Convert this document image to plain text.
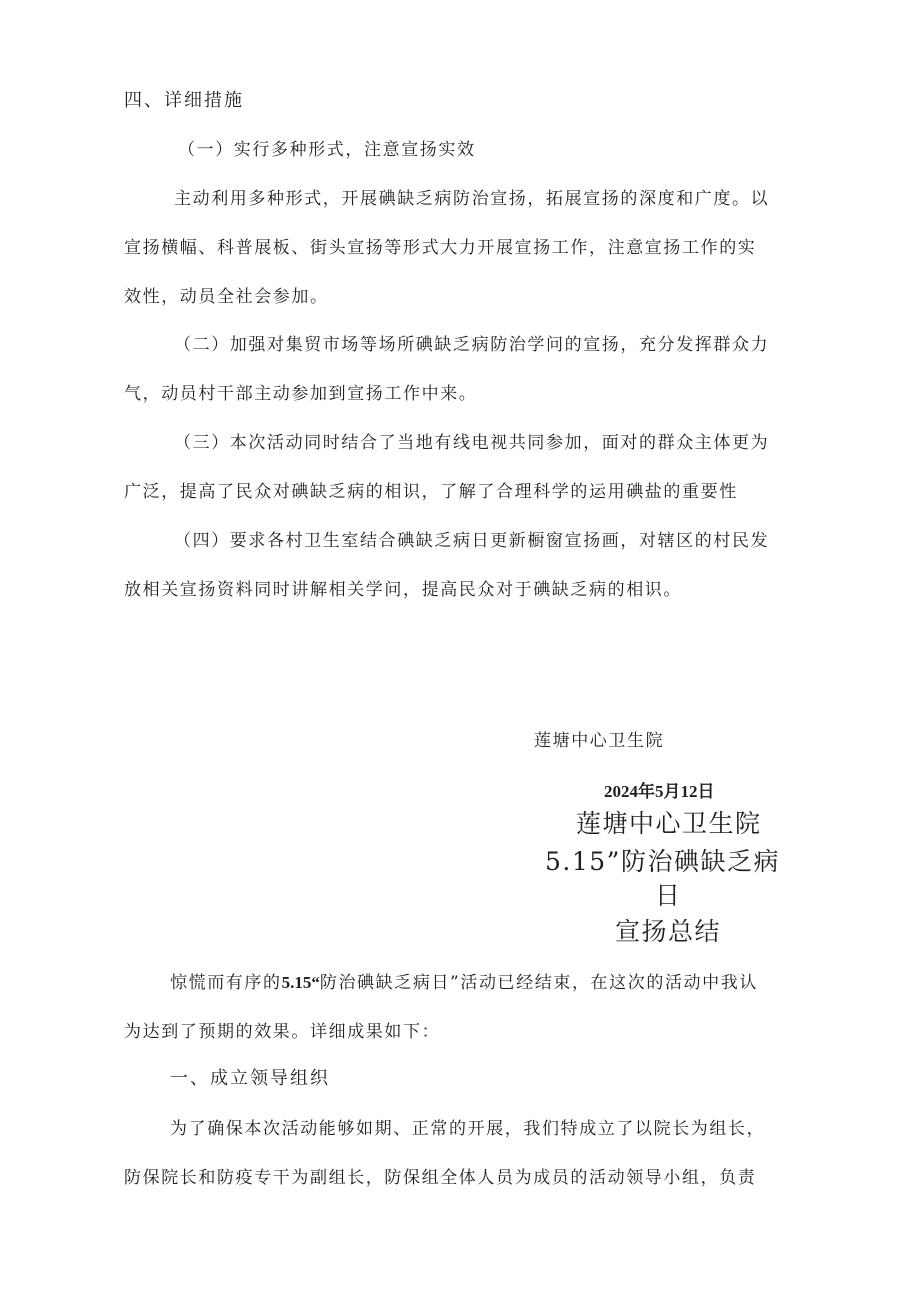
四、详细措施
（一）实行多种形式，注意宣扬实效
主动利用多种形式，开展碘缺乏病防治宣扬，拓展宣扬的深度和广度。以
宣扬横幅、科普展板、街头宣扬等形式大力开展宣扬工作，注意宣扬工作的实
效性，动员全社会参加。
（二）加强对集贸市场等场所碘缺乏病防治学问的宣扬，充分发挥群众力
气，动员村干部主动参加到宣扬工作中来。
（三）本次活动同时结合了当地有线电视共同参加，面对的群众主体更为
广泛，提高了民众对碘缺乏病的相识，了解了合理科学的运用碘盐的重要性
（四）要求各村卫生室结合碘缺乏病日更新橱窗宣扬画，对辖区的村民发
放相关宣扬资料同时讲解相关学问，提高民众对于碘缺乏病的相识。
莲塘中心卫生院
2024年5月12日
莲塘中心卫生院
5.15”防治碘缺乏病
日
宣扬总结
惊慌而有序的5.15“防治碘缺乏病日”活动已经结束，在这次的活动中我认
为达到了预期的效果。详细成果如下：
一、成立领导组织
为了确保本次活动能够如期、正常的开展，我们特成立了以院长为组长，
防保院长和防疫专干为副组长，防保组全体人员为成员的活动领导小组，负责
